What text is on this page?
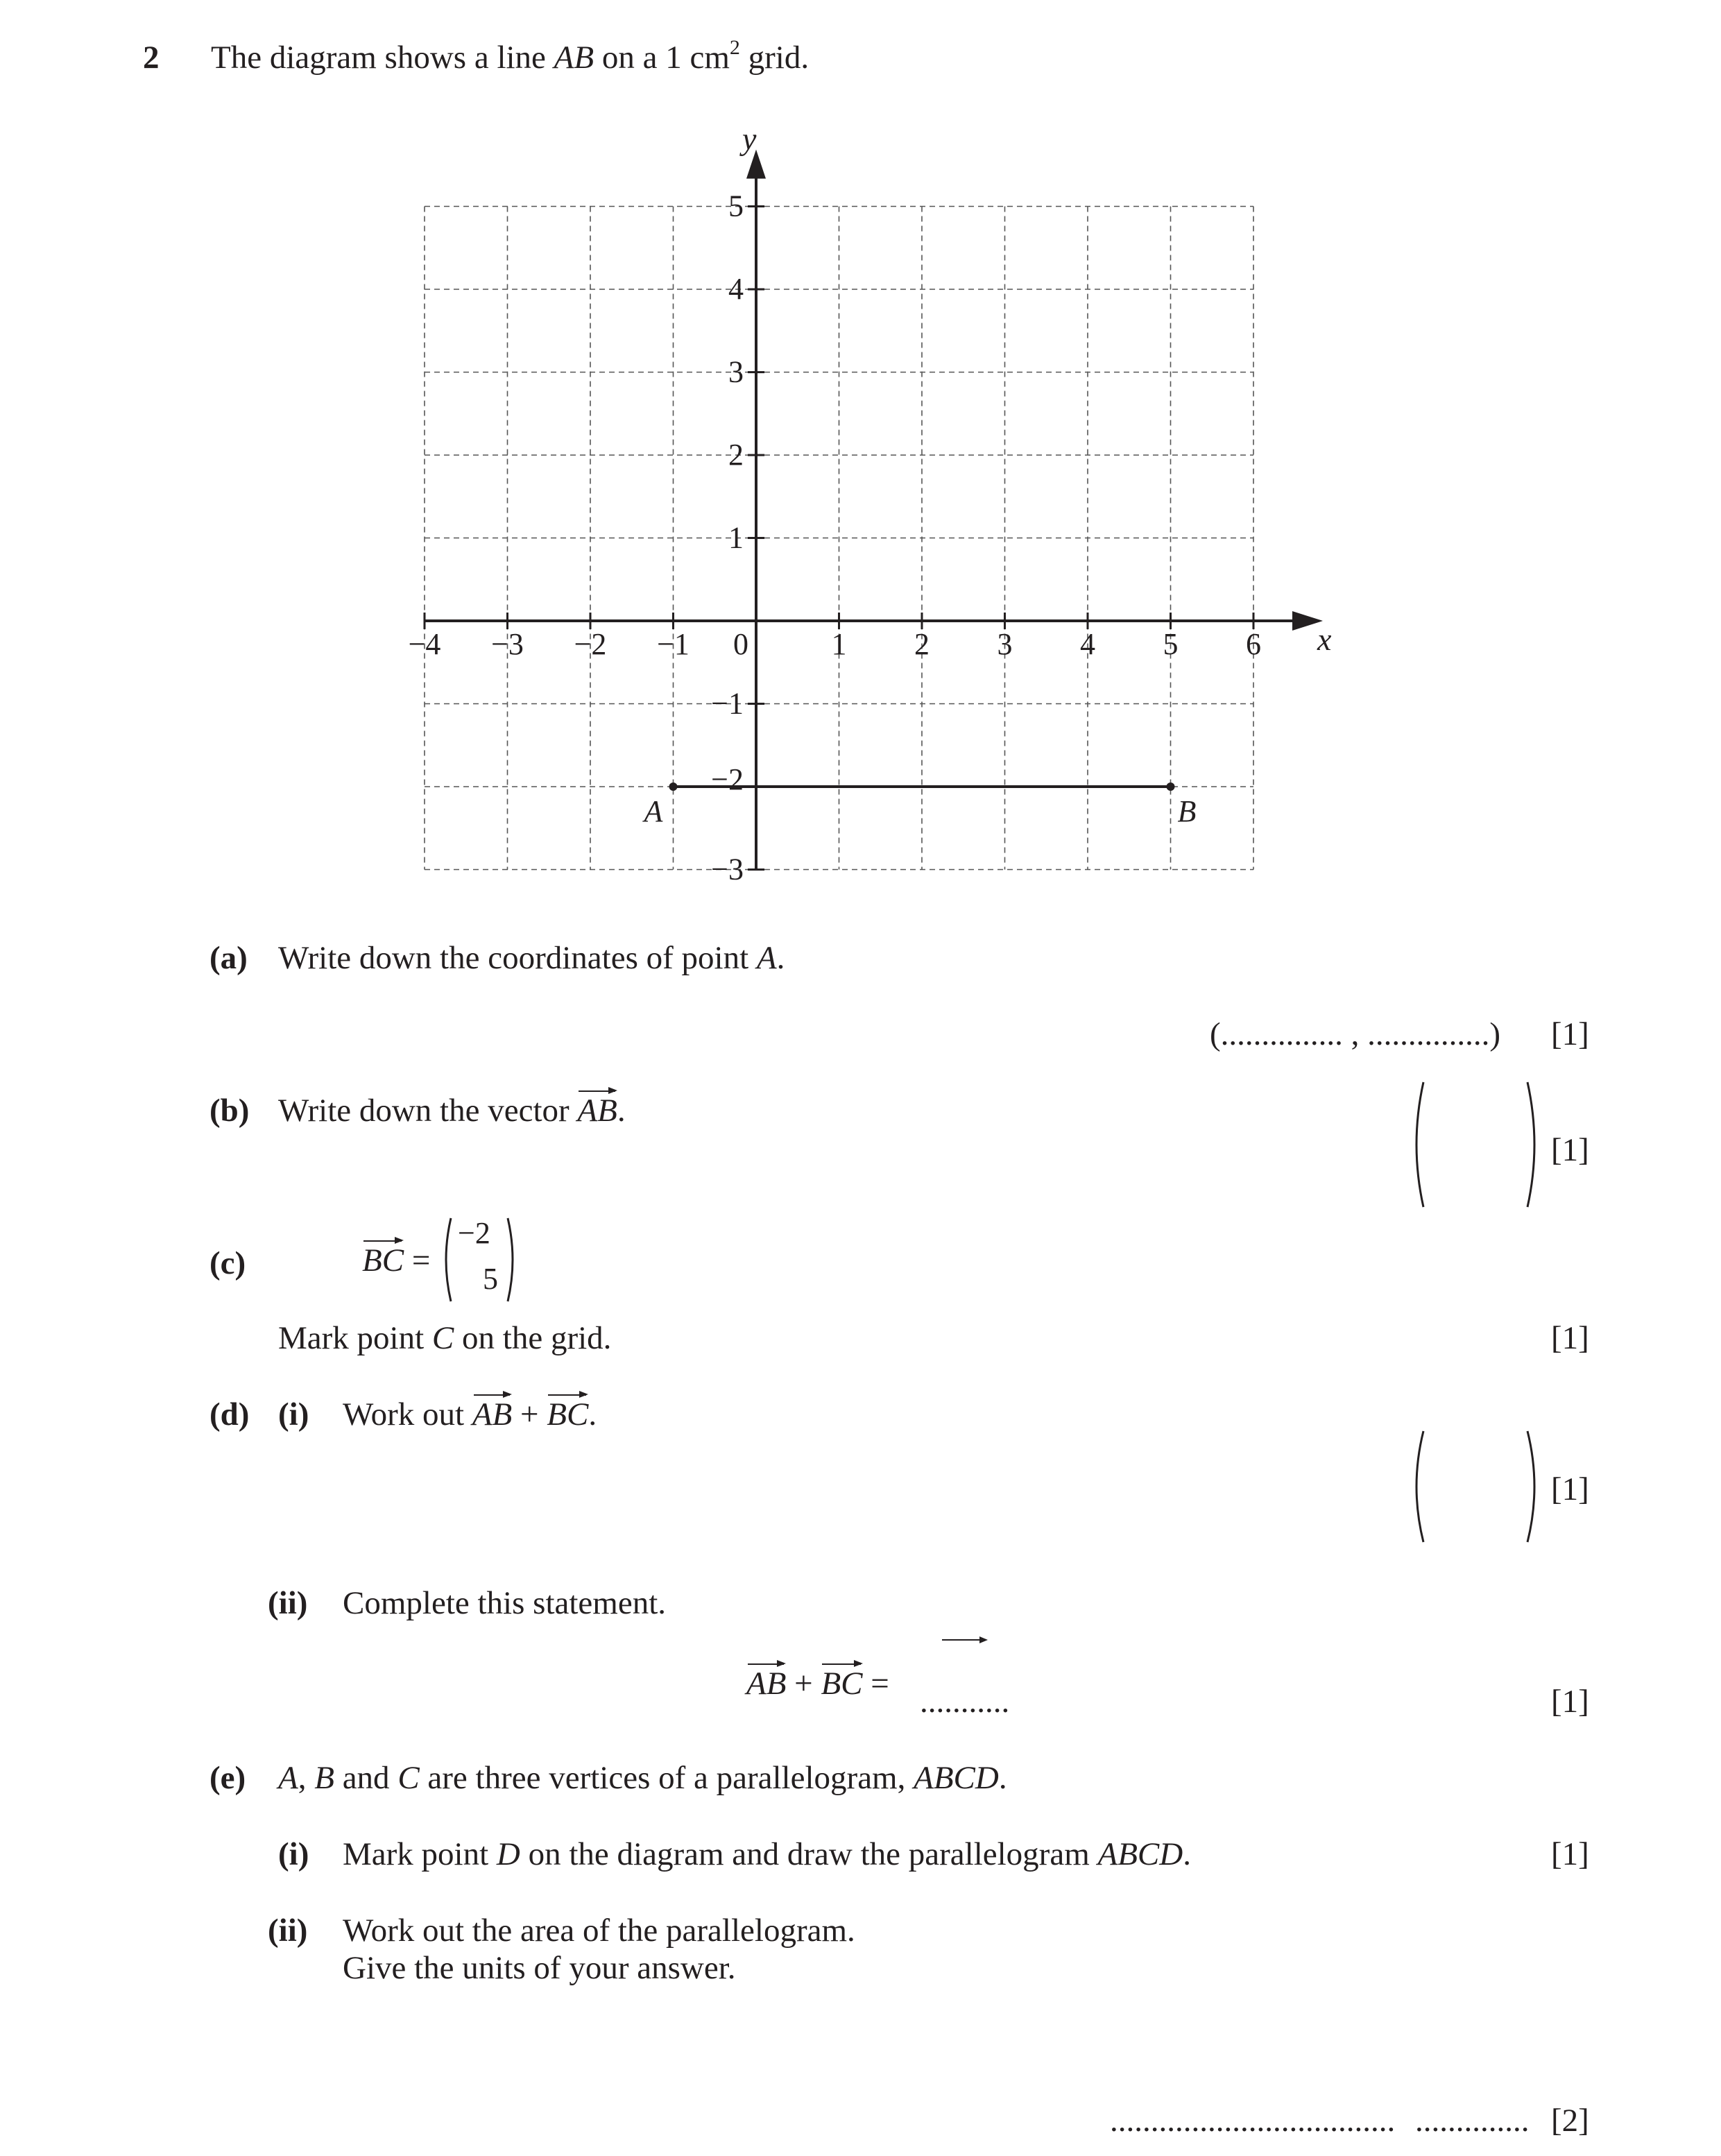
2 The diagram shows a line AB on a 1 $cm^2$ grid.
−4 −3 −2 −1 0	1 2 3 4 5 6
5
4
3
2
1
−1
−2
−3
x
y
A	B
(a) Write down the coordinates of point A.
(............... , ...............) [1]
(b) Write down the vector AB.
[1]
(c)	BC =
−2
5
Mark point C on the grid.	[1]
(d) (i) Work out AB + BC.
[1]
(ii) Complete this statement.
AB + BC = ...........	[1]
(e) A, B and C are three vertices of a parallelogram, ABCD.
(i) Mark point D on the diagram and draw the parallelogram ABCD.	[1]
(ii) Work out the area of the parallelogram.
Give the units of your answer.
................................... .............. [2]
